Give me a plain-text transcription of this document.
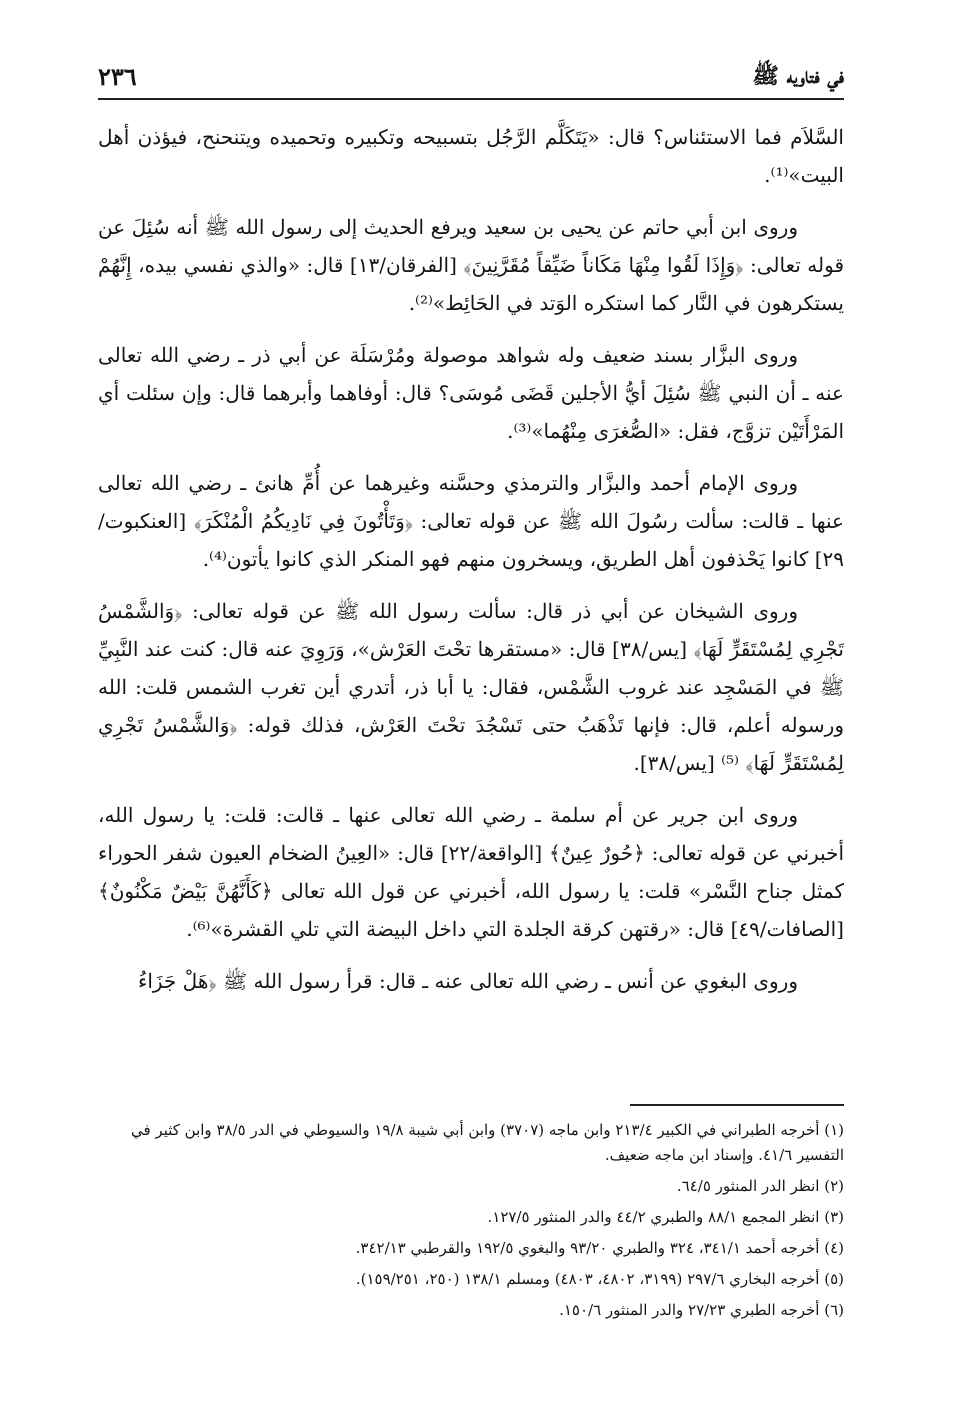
في فتاويه ﷺ
٢٣٦

السَّلاَم فما الاستئناس؟ قال: «يَتَكَلَّم الرَّجُل بتسبيحه وتكبيره وتحميده ويتنحنح، فيؤذن أهل البيت»⁽¹⁾.

وروى ابن أبي حاتم عن يحيى بن سعيد ويرفع الحديث إلى رسول الله ﷺ أنه سُئِلَ عن قوله تعالى: ﴿وَإِذَا لَقُوا مِنْهَا مَكَاناً ضَيِّقاً مُقَرَّنِينَ﴾ [الفرقان/١٣] قال: «والذي نفسي بيده، إِنَّهُمْ يستكرهون في النَّار كما استكره الوَتد في الحَائِط»⁽²⁾.

وروى البزَّار بسند ضعيف وله شواهد موصولة ومُرْسَلَة عن أبي ذر ـ رضي الله تعالى عنه ـ أن النبي ﷺ سُئِلَ أيُّ الأجلين قَضَى مُوسَى؟ قال: أوفاهما وأبرهما قال: وإن سئلت أي المَرْأَتَيْن تزوَّج، فقل: «الصُّغرَى مِنْهُما»⁽³⁾.

وروى الإمام أحمد والبزَّار والترمذي وحسَّنه وغيرهما عن أُمِّ هانئ ـ رضي الله تعالى عنها ـ قالت: سألت رسُولَ الله ﷺ عن قوله تعالى: ﴿وَتَأْتُونَ فِي نَادِيكُمُ الْمُنْكَرَ﴾ [العنكبوت/٢٩] كانوا يَحْذفون أهل الطريق، ويسخرون منهم فهو المنكر الذي كانوا يأتون⁽⁴⁾.

وروى الشيخان عن أبي ذر قال: سألت رسول الله ﷺ عن قوله تعالى: ﴿وَالشَّمْسُ تَجْرِي لِمُسْتَقَرٍّ لَهَا﴾ [يس/٣٨] قال: «مستقرها تحْتَ العَرْش»، وَرَوِيَ عنه قال: كنت عند النَّبِيِّ ﷺ في المَسْجِد عند غروب الشَّمْس، فقال: يا أبا ذر، أتدري أين تغرب الشمس قلت: الله ورسوله أعلم، قال: فإنها تَذْهَبُ حتى تَسْجُدَ تحْتَ العَرْش، فذلك قوله: ﴿وَالشَّمْسُ تَجْرِي لِمُسْتَقَرٍّ لَهَا﴾ ⁽⁵⁾ [يس/٣٨].

وروى ابن جرير عن أم سلمة ـ رضي الله تعالى عنها ـ قالت: قلت: يا رسول الله، أخبرني عن قوله تعالى: ﴿حُورٌ عِينٌ﴾ [الواقعة/٢٢] قال: «العِينُ الضخام العيون شفر الحوراء كمثل جناح النَّسْر» قلت: يا رسول الله، أخبرني عن قول الله تعالى ﴿كَأَنَّهُنَّ بَيْضٌ مَكْنُونٌ﴾ [الصافات/٤٩] قال: «رقتهن كرقة الجلدة التي داخل البيضة التي تلي القشرة»⁽⁶⁾.

وروى البغوي عن أنس ـ رضي الله تعالى عنه ـ قال: قرأ رسول الله ﷺ ﴿هَلْ جَزَاءُ

(١) أخرجه الطبراني في الكبير ٢١٣/٤ وابن ماجه (٣٧٠٧) وابن أبي شيبة ١٩/٨ والسيوطي في الدر ٣٨/٥ وابن كثير في التفسير ٤١/٦. وإسناد ابن ماجه ضعيف.
(٢) انظر الدر المنثور ٦٤/٥.
(٣) انظر المجمع ٨٨/١ والطبري ٤٤/٢ والدر المنثور ١٢٧/٥.
(٤) أخرجه أحمد ٣٤١/١، ٣٢٤ والطبري ٩٣/٢٠ والبغوي ١٩٢/٥ والقرطبي ٣٤٢/١٣.
(٥) أخرجه البخاري ٢٩٧/٦ (٣١٩٩، ٤٨٠٢، ٤٨٠٣) ومسلم ١٣٨/١ (٢٥٠، ١٥٩/٢٥١).
(٦) أخرجه الطبري ٢٧/٢٣ والدر المنثور ١٥٠/٦.
